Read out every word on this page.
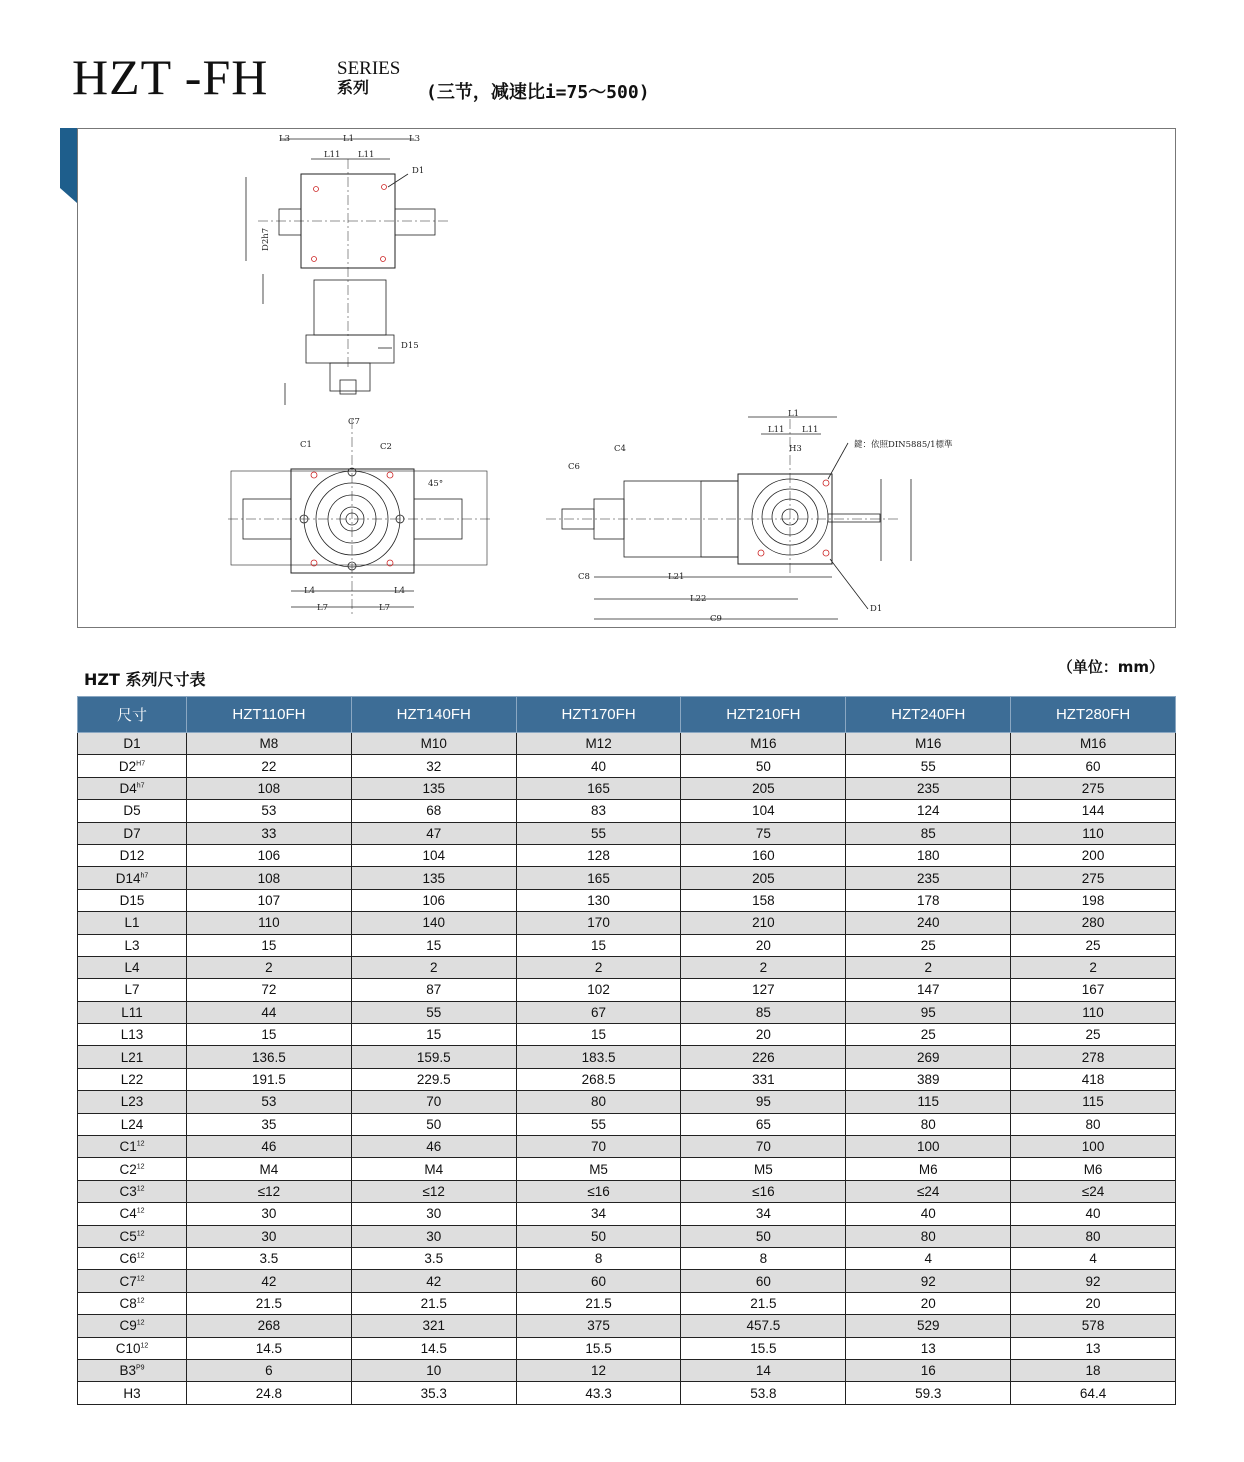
HZT -FH	SERIES
系列	(三节，减速比i=75～500)
L3	L1	L3
L11 L11
D1
D15
D2h7
C7
C1	C2
45°
L4	L4
L7	L7
L1
L11 L11
H3	鍵：依照DIN5885/1標準
C4
C6
C8	L21
L22
C9
D1
HZT 系列尺寸表
（单位：mm）
尺寸	HZT110FH	HZT140FH	HZT170FH	HZT210FH	HZT240FH	HZT280FH
D1	M8	M10	M12	M16	M16	M16
$D2^{H7}$	22	32	40	50	55	60
$D4^{h7}$	108	135	165	205	235	275
D5	53	68	83	104	124	144
D7	33	47	55	75	85	110
D12	106	104	128	160	180	200
$D14^{h7}$	108	135	165	205	235	275
D15	107	106	130	158	178	198
L1	110	140	170	210	240	280
L3	15	15	15	20	25	25
L4	2	2	2	2	2	2
L7	72	87	102	127	147	167
L11	44	55	67	85	95	110
L13	15	15	15	20	25	25
L21	136.5	159.5	183.5	226	269	278
L22	191.5	229.5	268.5	331	389	418
L23	53	70	80	95	115	115
L24	35	50	55	65	80	80
$C1^{12}$	46	46	70	70	100	100
$C2^{12}$	M4	M4	M5	M5	M6	M6
$C3^{12}$	≤12	≤12	≤16	≤16	≤24	≤24
$C4^{12}$	30	30	34	34	40	40
$C5^{12}$	30	30	50	50	80	80
$C6^{12}$	3.5	3.5	8	8	4	4
$C7^{12}$	42	42	60	60	92	92
$C8^{12}$	21.5	21.5	21.5	21.5	20	20
$C9^{12}$	268	321	375	457.5	529	578
$C10^{12}$	14.5	14.5	15.5	15.5	13	13
$B3^{P9}$	6	10	12	14	16	18
H3	24.8	35.3	43.3	53.8	59.3	64.4
